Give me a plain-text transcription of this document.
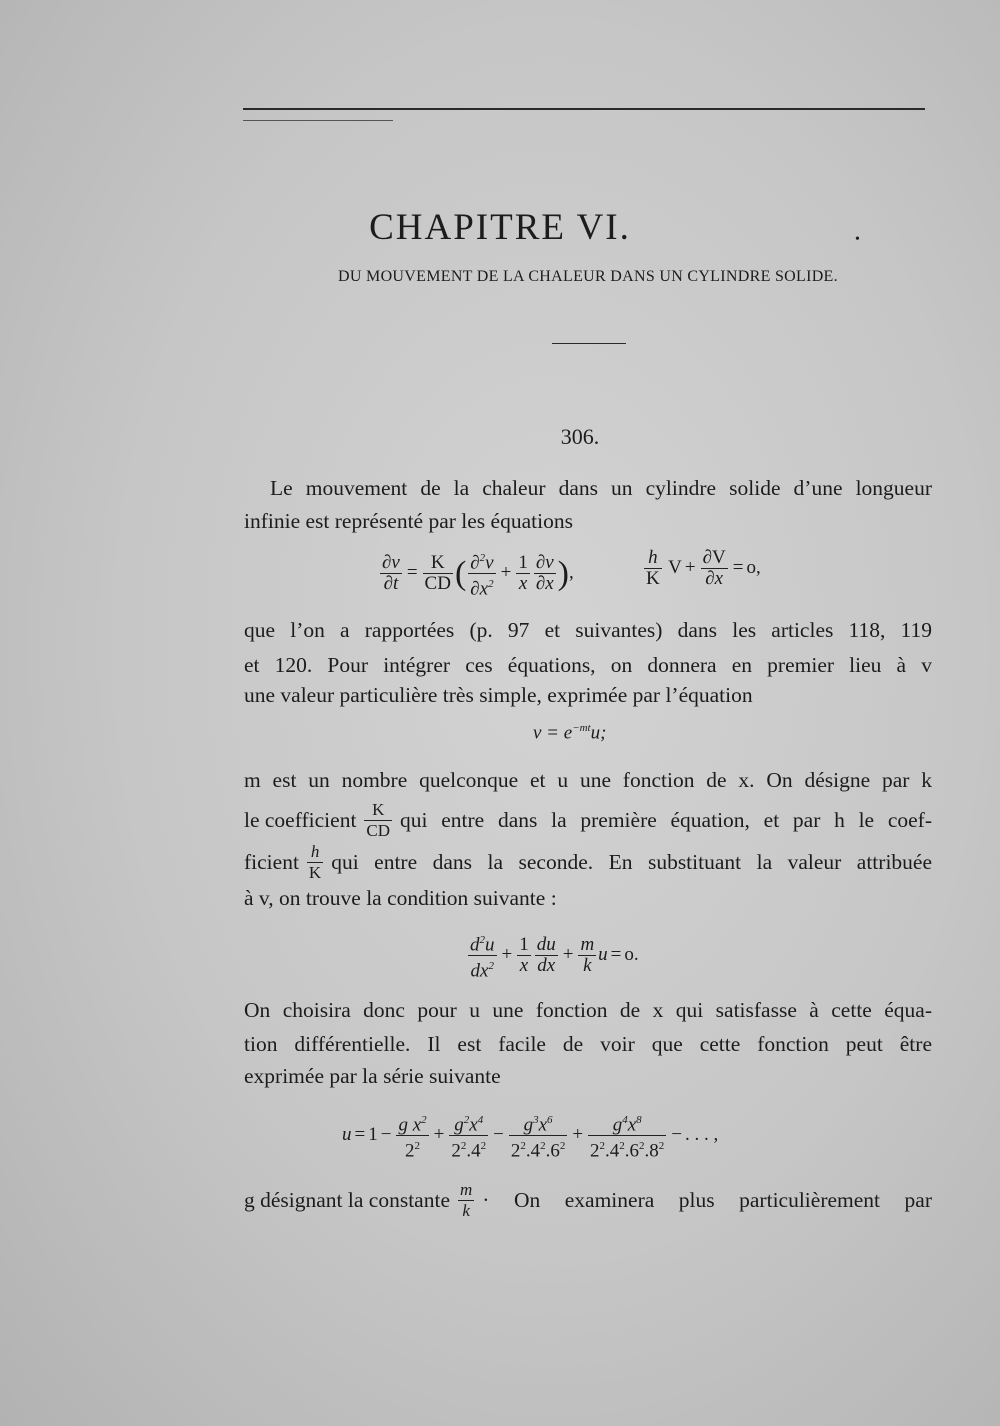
CHAPITRE VI.	•
DU MOUVEMENT DE LA CHALEUR DANS UN CYLINDRE SOLIDE.
306.
Le mouvement de la chaleur dans un cylindre solide d’une longueur
infinie est représenté par les équations
$\frac{\partial v}{\partial t} = \frac{K}{CD}$ ( $\frac{\partial^2v}{\partial x^2} + \frac{1}{x} \frac{\partial v}{\partial x}$ ),	$\frac{h}{K}$ $V + \frac{\partial V}{\partial x} = o$,
que l’on a rapportées (p. 97 et suivantes) dans les articles 118, 119
et 120. Pour intégrer ces équations, on donnera en premier lieu à v
une valeur particulière très simple, exprimée par l’équation
$v = e^{-mt}u$;
m est un nombre quelconque et u une fonction de x. On désigne par k
le coefficient $\frac{K}{CD}$ qui entre dans la première équation, et par h le coef-
ficient $\frac{h}{K}$ qui entre dans la seconde. En substituant la valeur attribuée
à v, on trouve la condition suivante :
$\frac{d^2u}{dx^2} + \frac{1}{x} \frac{du}{dx} + \frac{m}{k}$ u = o.
On choisira donc pour u une fonction de x qui satisfasse à cette équa-
tion différentielle. Il est facile de voir que cette fonction peut être
exprimée par la série suivante
$u = 1 - \frac{g x^2}{2^2} + \frac{g^2x^4}{2^2.4^2} - \frac{g^3x^6}{2^2.4^2.6^2} + \frac{g^4x^8}{2^2.4^2.6^2.8^2}$ − . . . ,
g désignant la constante $\frac{m}{k} \cdot On$ examinera plus particulièrement par
